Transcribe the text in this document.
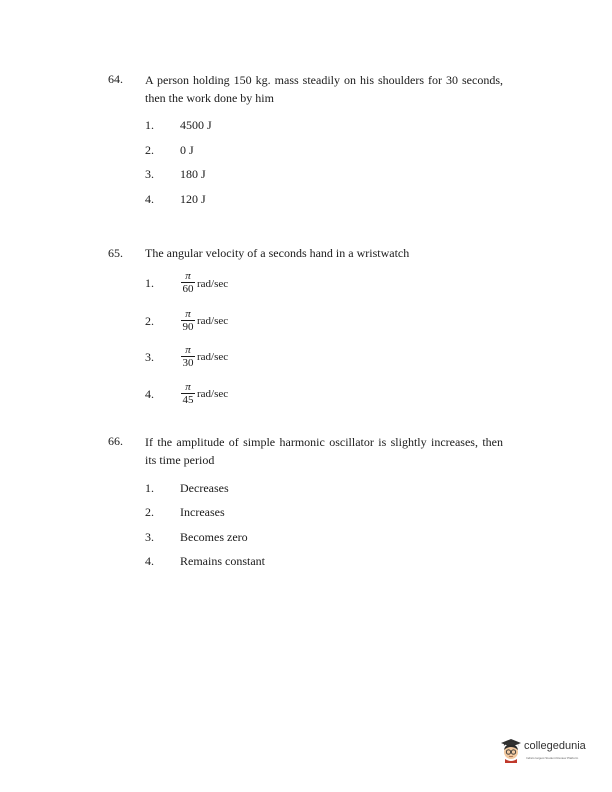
64. A person holding 150 kg. mass steadily on his shoulders for 30 seconds, then the work done by him
1. 4500 J
2. 0 J
3. 180 J
4. 120 J
65. The angular velocity of a seconds hand in a wristwatch
1.	π
60 rad/sec
2.	π
90 rad/sec
3.	π
30 rad/sec
4.	π
45 rad/sec
66. If the amplitude of simple harmonic oscillator is slightly increases, then its time period
1. Decreases
2. Increases
3. Becomes zero
4. Remains constant
collegedunia
India's largest Student Review Platform
